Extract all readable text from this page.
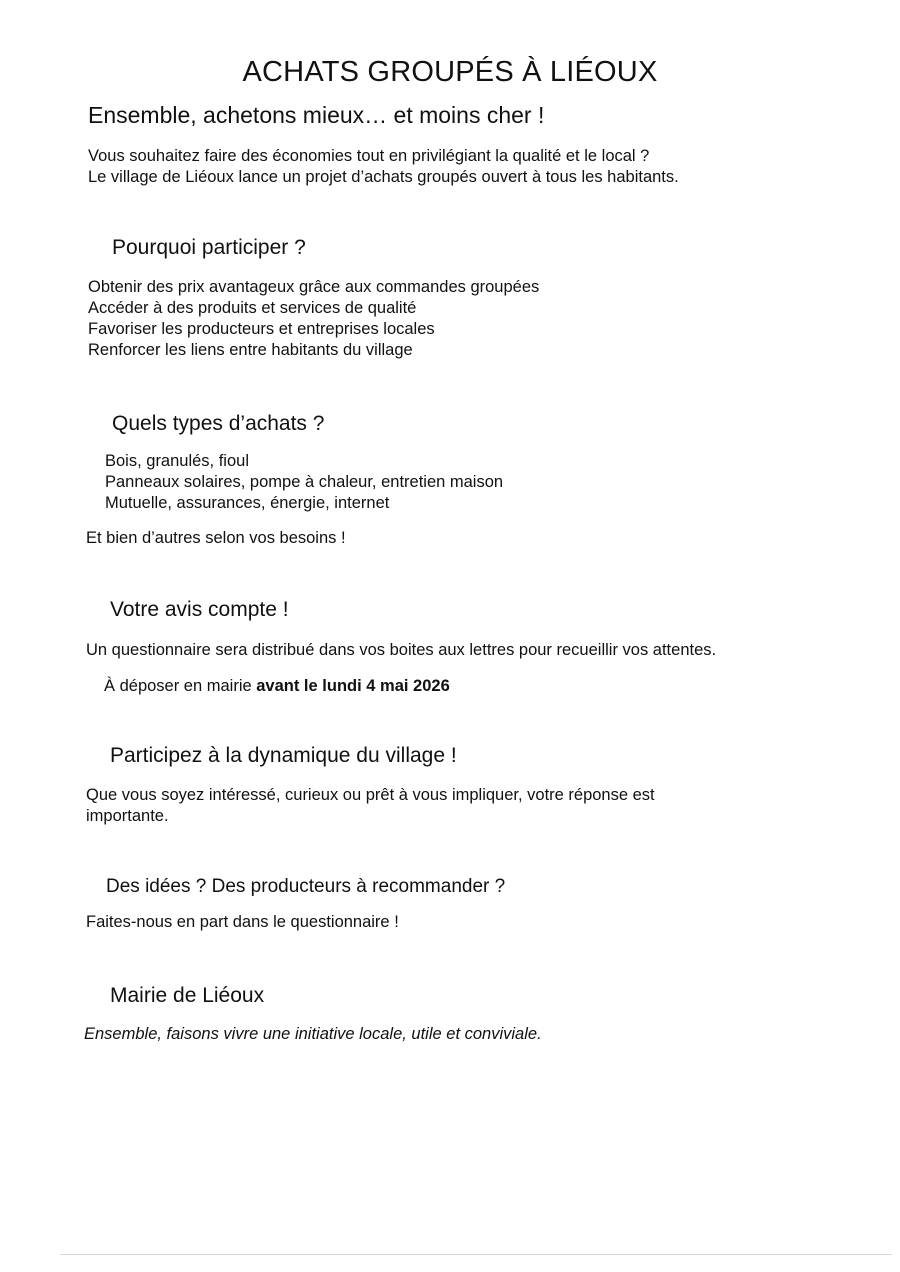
ACHATS GROUPÉS À LIÉOUX
Ensemble, achetons mieux… et moins cher !
Vous souhaitez faire des économies tout en privilégiant la qualité et le local ?
Le village de Liéoux lance un projet d’achats groupés ouvert à tous les habitants.
Pourquoi participer ?
Obtenir des prix avantageux grâce aux commandes groupées
Accéder à des produits et services de qualité
Favoriser les producteurs et entreprises locales
Renforcer les liens entre habitants du village
Quels types d’achats ?
Bois, granulés, fioul
Panneaux solaires, pompe à chaleur, entretien maison
Mutuelle, assurances, énergie, internet
Et bien d’autres selon vos besoins !
Votre avis compte !
Un questionnaire sera distribué dans vos boites aux lettres pour recueillir vos attentes.
À déposer en mairie avant le lundi 4 mai 2026
Participez à la dynamique du village !
Que vous soyez intéressé, curieux ou prêt à vous impliquer, votre réponse est
importante.
Des idées ? Des producteurs à recommander ?
Faites-nous en part dans le questionnaire !
Mairie de Liéoux
Ensemble, faisons vivre une initiative locale, utile et conviviale.
